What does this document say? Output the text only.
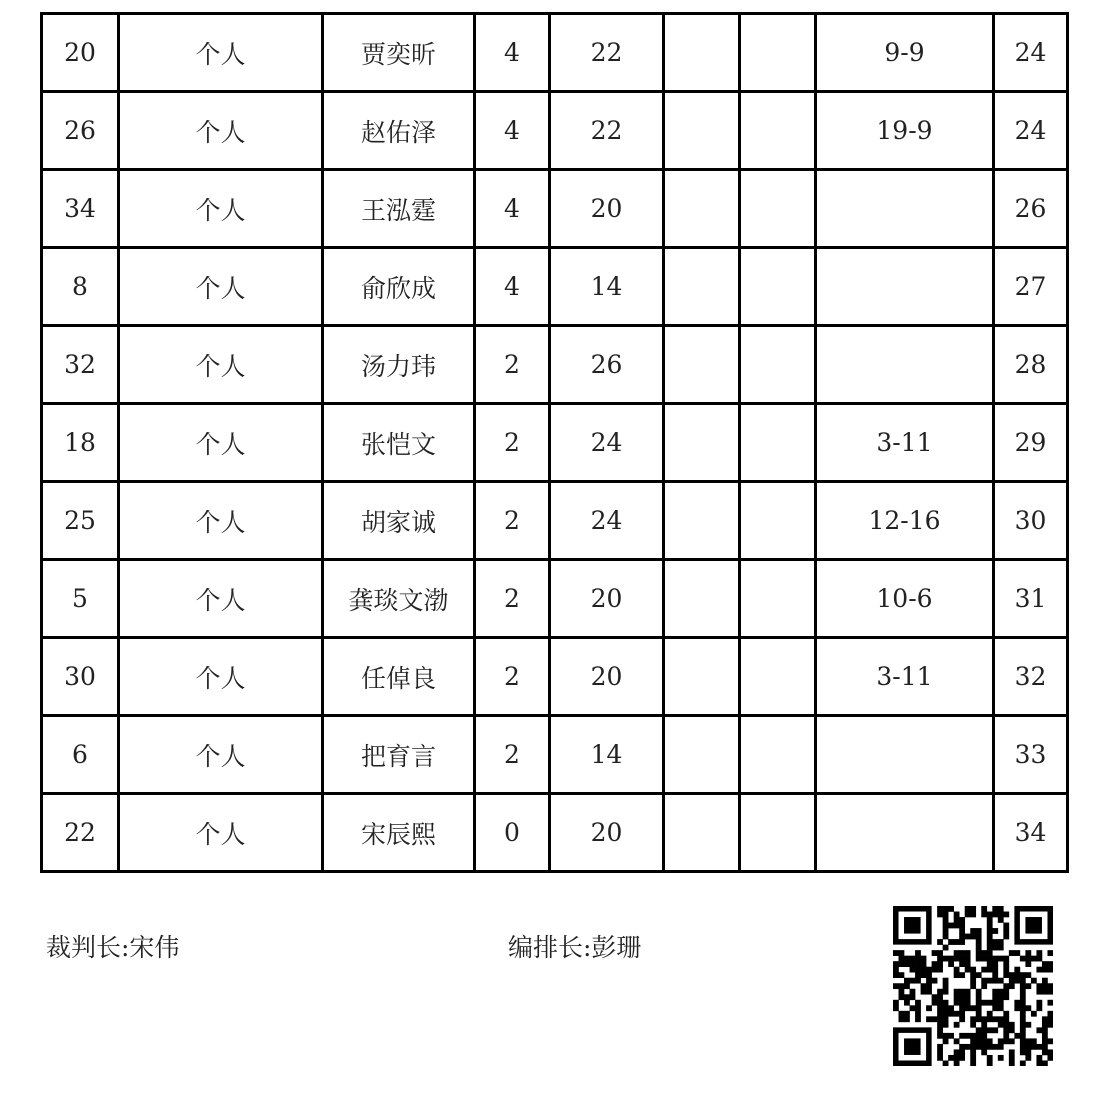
20	个人	贾奕昕	4	22			9-9	24
26	个人	赵佑泽	4	22			19-9	24
34	个人	王泓霆	4	20				26
8	个人	俞欣成	4	14				27
32	个人	汤力玮	2	26				28
18	个人	张恺文	2	24			3-11	29
25	个人	胡家诚	2	24			12-16	30
5	个人	龚琰文渤	2	20			10-6	31
30	个人	任倬良	2	20			3-11	32
6	个人	把育言	2	14				33
22	个人	宋辰熙	0	20				34
裁判长:宋伟	编排长:彭珊
